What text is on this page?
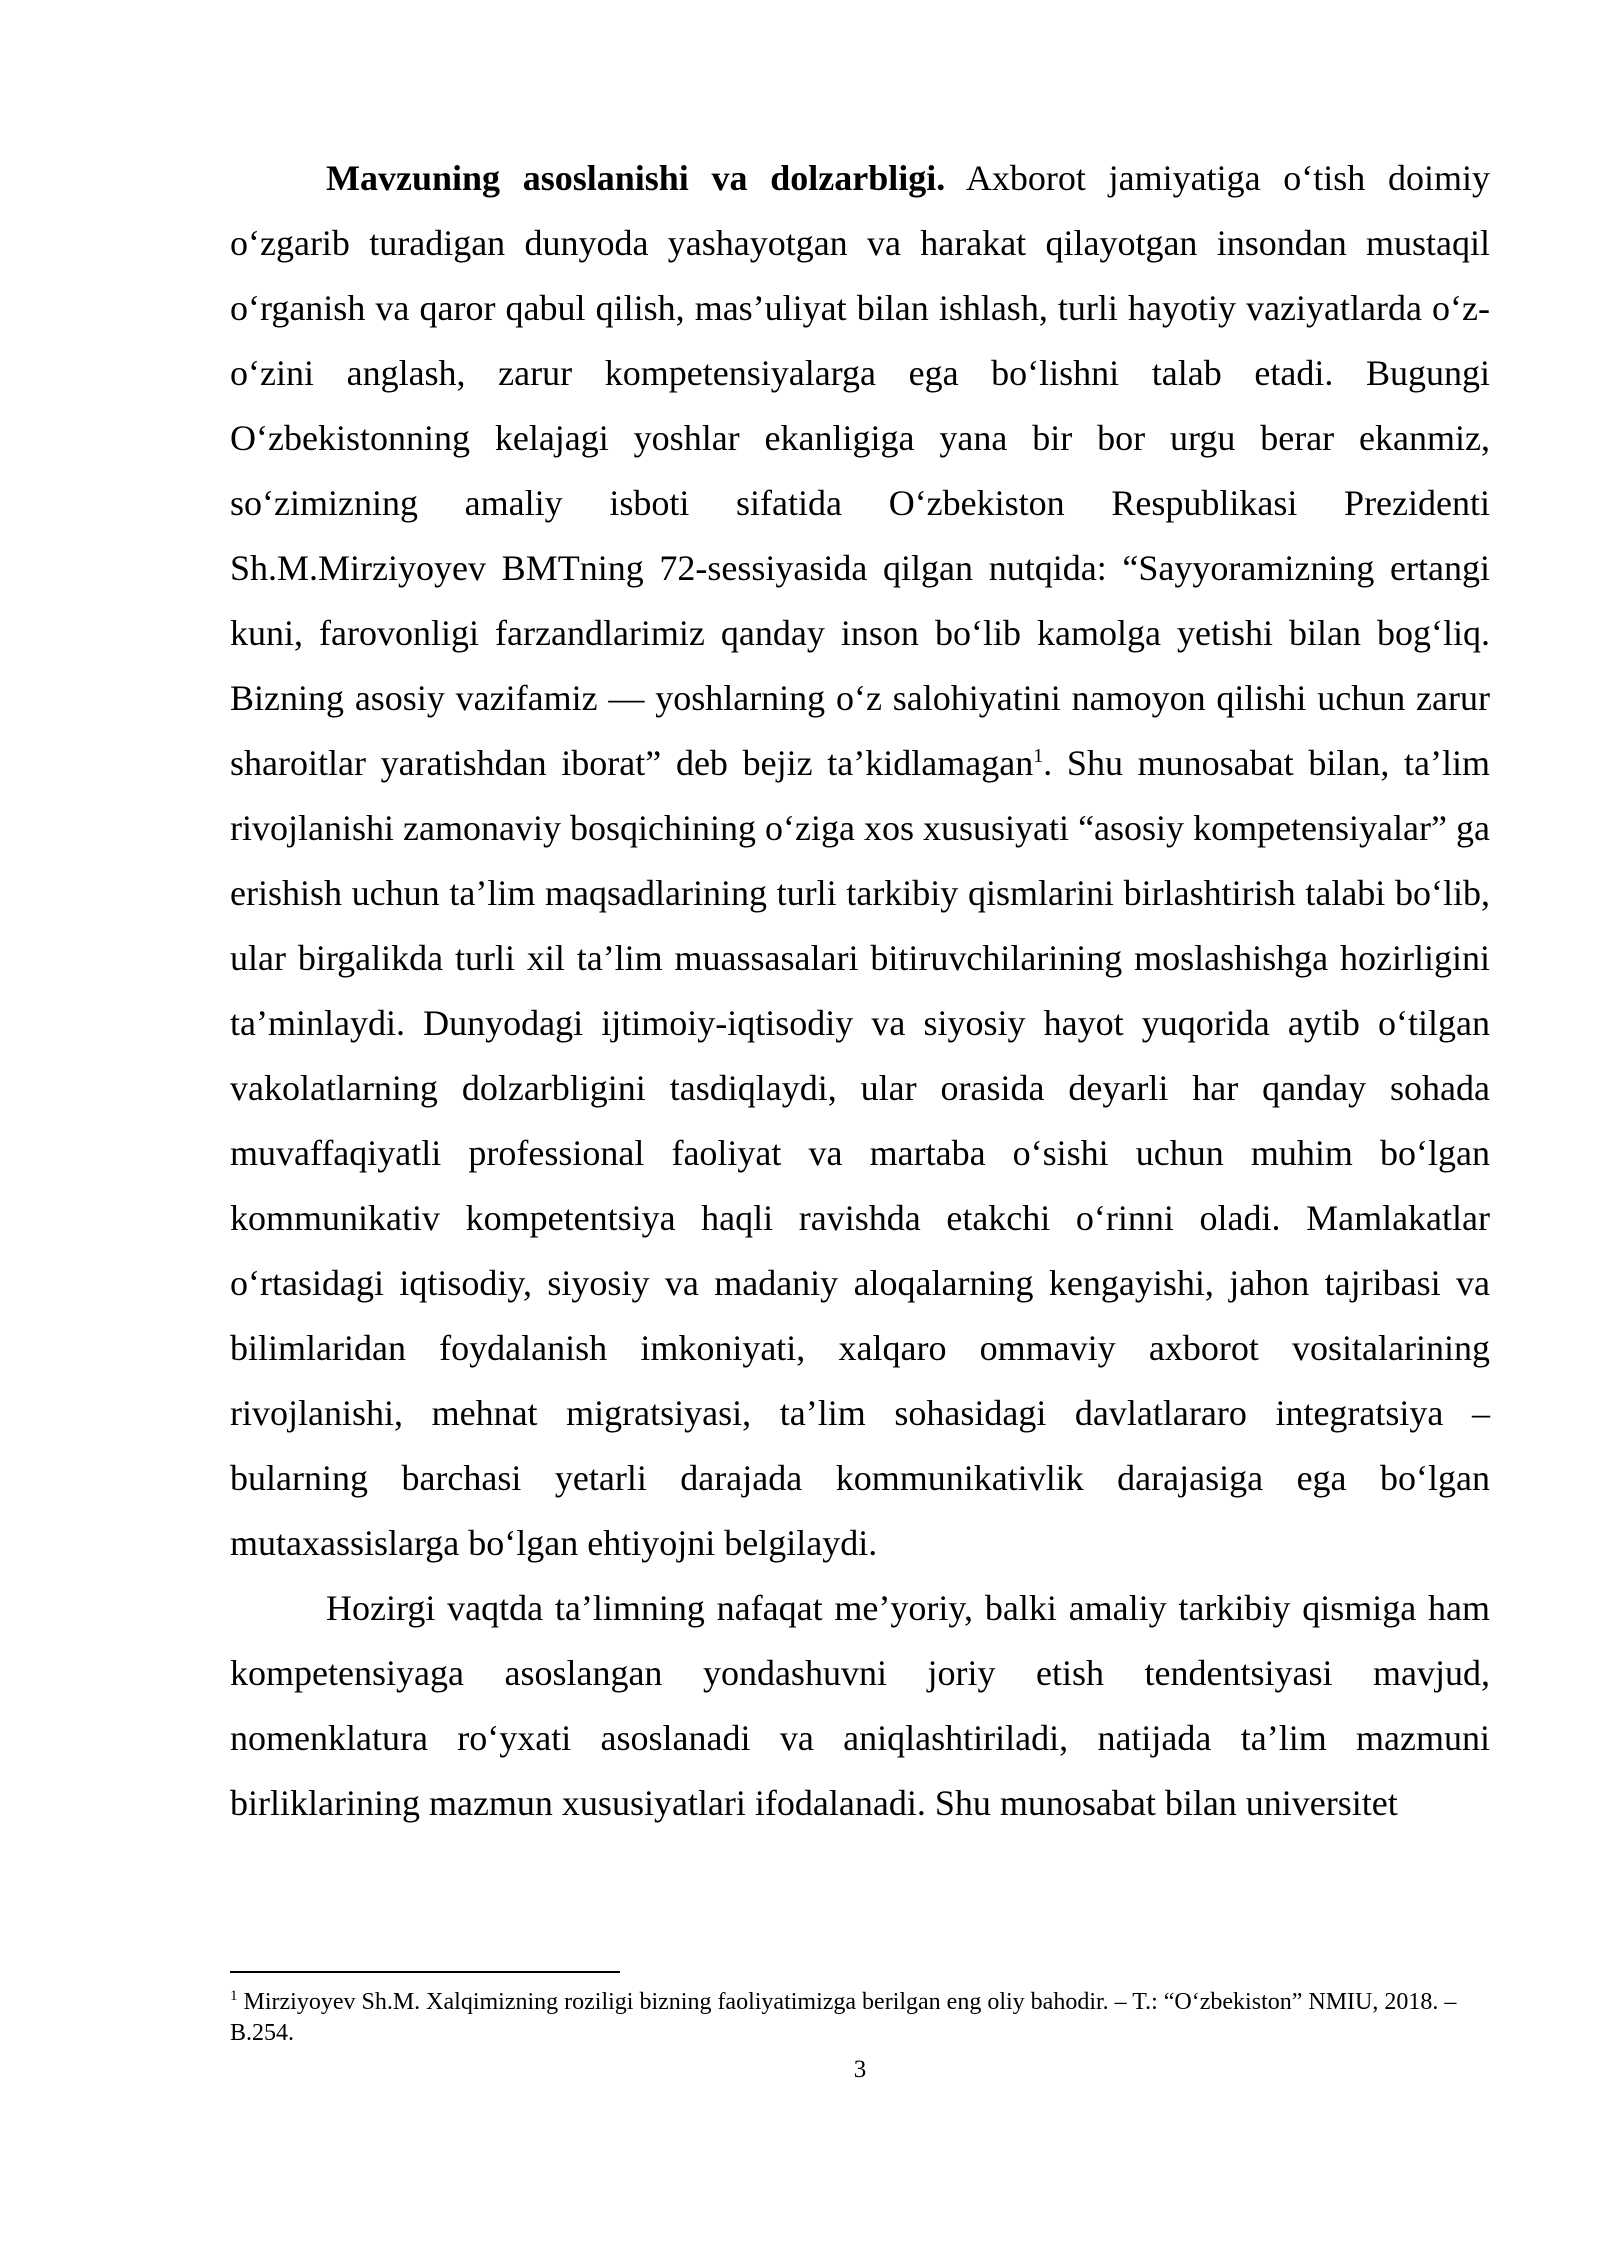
Mavzuning asoslanishi va dolzarbligi. Axborot jamiyatiga oʻtish doimiy oʻzgarib turadigan dunyoda yashayotgan va harakat qilayotgan insondan mustaqil oʻrganish va qaror qabul qilish, mas’uliyat bilan ishlash, turli hayotiy vaziyatlarda oʻz-oʻzini anglash, zarur kompetensiyalarga ega boʻlishni talab etadi. Bugungi Oʻzbekistonning kelajagi yoshlar ekanligiga yana bir bor urgu berar ekanmiz, soʻzimizning amaliy isboti sifatida Oʻzbekiston Respublikasi Prezidenti Sh.M.Mirziyoyev BMTning 72-sessiyasida qilgan nutqida: “Sayyoramizning ertangi kuni, farovonligi farzandlarimiz qanday inson boʻlib kamolga yetishi bilan bogʻliq. Bizning asosiy vazifamiz — yoshlarning oʻz salohiyatini namoyon qilishi uchun zarur sharoitlar yaratishdan iborat” deb bejiz ta’kidlamagan$^1$. Shu munosabat bilan, ta’lim rivojlanishi zamonaviy bosqichining oʻziga xos xususiyati “asosiy kompetensiyalar” ga erishish uchun ta’lim maqsadlarining turli tarkibiy qismlarini birlashtirish talabi boʻlib, ular birgalikda turli xil ta’lim muassasalari bitiruvchilarining moslashishga hozirligini ta’minlaydi. Dunyodagi ijtimoiy-iqtisodiy va siyosiy hayot yuqorida aytib oʻtilgan vakolatlarning dolzarbligini tasdiqlaydi, ular orasida deyarli har qanday sohada muvaffaqiyatli professional faoliyat va martaba oʻsishi uchun muhim boʻlgan kommunikativ kompetentsiya haqli ravishda etakchi oʻrinni oladi. Mamlakatlar oʻrtasidagi iqtisodiy, siyosiy va madaniy aloqalarning kengayishi, jahon tajribasi va bilimlaridan foydalanish imkoniyati, xalqaro ommaviy axborot vositalarining rivojlanishi, mehnat migratsiyasi, ta’lim sohasidagi davlatlararo integratsiya – bularning barchasi yetarli darajada kommunikativlik darajasiga ega boʻlgan mutaxassislarga boʻlgan ehtiyojni belgilaydi.

Hozirgi vaqtda ta’limning nafaqat me’yoriy, balki amaliy tarkibiy qismiga ham kompetensiyaga asoslangan yondashuvni joriy etish tendentsiyasi mavjud, nomenklatura roʻyxati asoslanadi va aniqlashtiriladi, natijada ta’lim mazmuni birliklarining mazmun xususiyatlari ifodalanadi. Shu munosabat bilan universitet

$^1$ Mirziyoyev Sh.M. Xalqimizning roziligi bizning faoliyatimizga berilgan eng oliy bahodir. – T.: “Oʻzbekiston” NMIU, 2018. – B.254.
3
